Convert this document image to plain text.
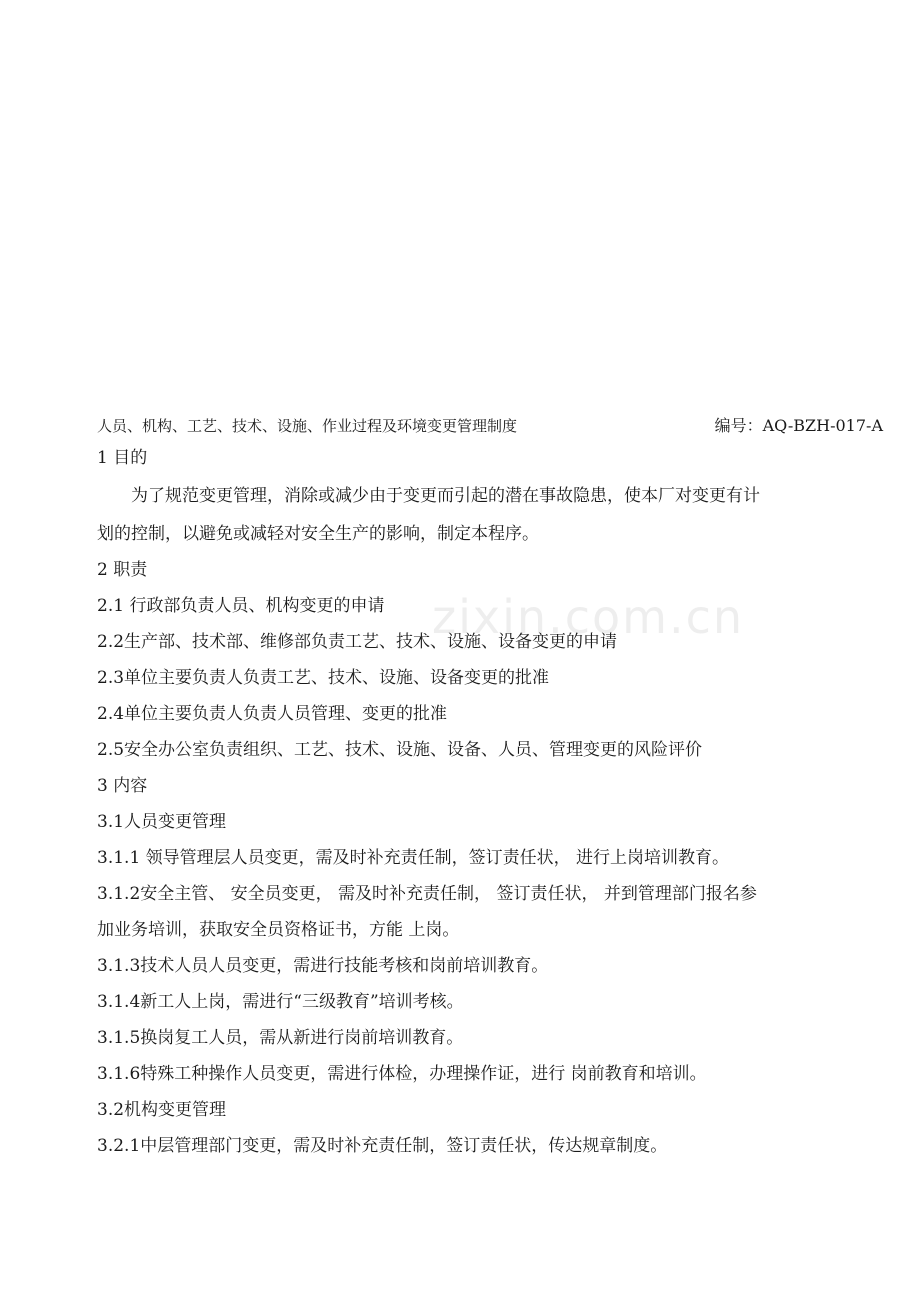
zixin.com.cn
人员、机构、工艺、技术、设施、作业过程及环境变更管理制度	编号：AQ-BZH-017-A

1 目的

为了规范变更管理，消除或减少由于变更而引起的潜在事故隐患，使本厂对变更有计

划的控制，以避免或减轻对安全生产的影响，制定本程序。

2 职责

2.1 行政部负责人员、机构变更的申请

2.2生产部、技术部、维修部负责工艺、技术、设施、设备变更的申请

2.3单位主要负责人负责工艺、技术、设施、设备变更的批准

2.4单位主要负责人负责人员管理、变更的批准

2.5安全办公室负责组织、工艺、技术、设施、设备、人员、管理变更的风险评价

3 内容

3.1人员变更管理

3.1.1 领导管理层人员变更，需及时补充责任制，签订责任状， 进行上岗培训教育。

3.1.2安全主管、 安全员变更， 需及时补充责任制， 签订责任状， 并到管理部门报名参

加业务培训，获取安全员资格证书，方能 上岗。

3.1.3技术人员人员变更，需进行技能考核和岗前培训教育。

3.1.4新工人上岗，需进行“三级教育”培训考核。

3.1.5换岗复工人员，需从新进行岗前培训教育。

3.1.6特殊工种操作人员变更，需进行体检，办理操作证，进行 岗前教育和培训。

3.2机构变更管理

3.2.1中层管理部门变更，需及时补充责任制，签订责任状，传达规章制度。
